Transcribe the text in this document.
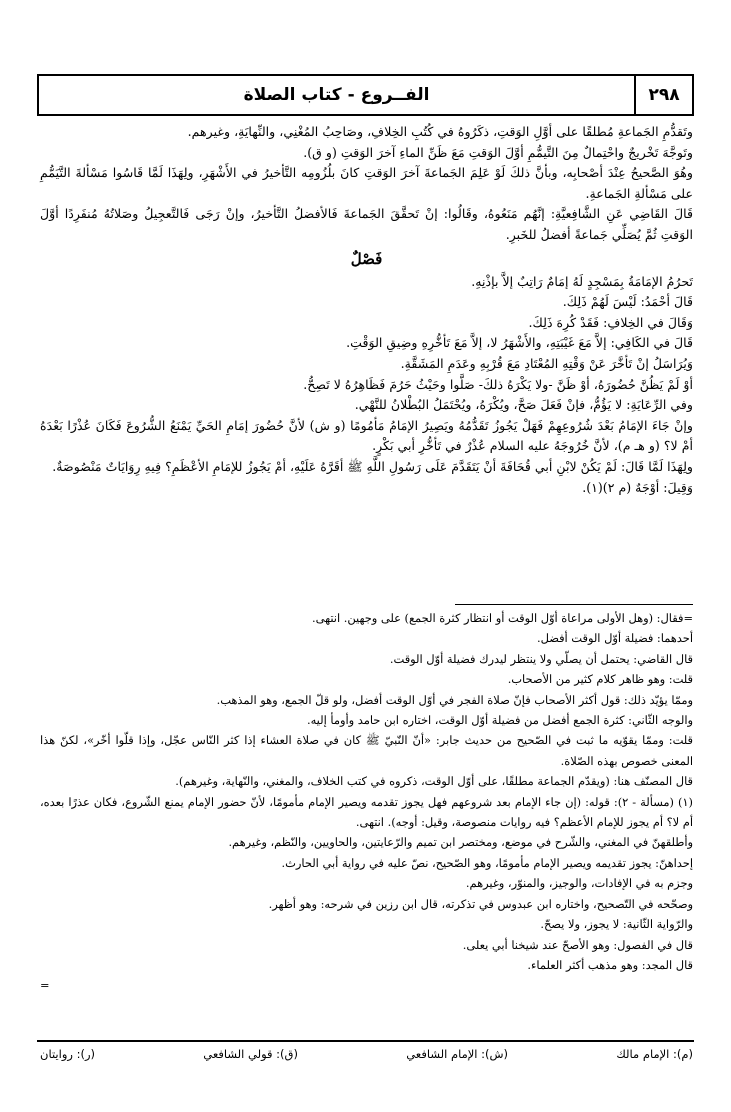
٢٩٨
الفــروع - كتاب الصلاة

وتَقدُّمِ الجَماعةِ مُطلقًا على أوَّلِ الوَقتِ، ذكَرُوهُ في كُتُبِ الخِلافِ، وصَاحِبُ المُغْنِي، والنِّهايَةِ، وغيرهم.

وتَوجَّهَ تَخْريجٌ واحْتِمالٌ مِنَ التَّيمُّمِ أوَّلَ الوَقتِ مَعَ ظَنِّ الماءِ آخرَ الوَقتِ (و ق).

وهُوَ الصَّحيحُ عِنْدَ أصْحابِه، وبأنَّ ذلكَ لَوْ عَلِمَ الجَماعةَ آخرَ الوَقتِ كانَ بلُزُومِه التَّأخيرُ في الأَشْهَرِ، ولِهَذَا لَمَّا قَاسُوا مَسْألةَ التَّيَمُّمِ على مَسْألةِ الجَماعةِ.

قَالَ القَاضِي عَنِ الشَّافِعيَّةِ: إنَّهُم مَنَعُوهُ، وقَالُوا: إنْ تَحقَّقَ الجَماعةَ فَالأفضلُ التَّأخيرُ، وإنْ رَجَى فَالتَّعجِيلُ وصَلاتُهُ مُنفَرِدًا أوَّلَ الوَقتِ ثُمَّ يُصَلِّي جَماعةً أفضلُ للخَبرِ.

فَصْلٌ

تَحرُمُ الإمَامَةُ بِمَسْجِدٍ لَهُ إمَامٌ رَاتِبٌ إلاَّ بإذْنِهِ.

قَالَ أحْمَدُ: لَيْسَ لَهُمْ ذَلِكَ.

وَقَالَ في الخِلافِ: فَقَدْ كُرِهَ ذَلِكَ.

قَالَ في الكَافِي: إلاَّ مَعَ غَيْبَتِهِ، والأَشْهَرُ لا، إلاَّ مَعَ تَأخُّرِهِ وضِيقِ الوَقْتِ.

وَيُرَاسَلُ إنْ تَأخَّرَ عَنْ وَقْتِهِ المُعْتَادِ مَعَ قُرْبِهِ وعَدَمِ المَشَقَّةِ.

أوْ لَمْ يَظُنَّ حُضُورَهُ، أوْ ظَنَّ -ولا يَكْرَهُ ذلكَ- صَلَّوا وحَيْثُ حَرُمَ فَظَاهِرُهُ لا تَصِحُّ.

وفي الرِّعَايَةِ: لا يَؤُمُّ، فإنْ فَعَلَ صَحَّ، ويُكْرَهُ، ويُحْتَمَلُ البُطْلانُ للنَّهْي.

وإنْ جَاءَ الإمَامُ بَعْدَ شُرُوعِهِمْ فَهَلْ يَجُوزُ تَقَدُّمُهُ ويَصِيرُ الإمَامُ مَأمُومًا (و ش) لأنَّ حُضُورَ إمَامِ الحَيِّ يَمْنَعُ الشُّرُوعَ فَكَانَ عُذْرًا بَعْدَهُ أمْ لا؟ (و هـ م)، لأنَّ خُرُوجَهُ عليه السلام عُذْرٌ في تَأخُّرِ أبي بَكْرٍ.

ولِهَذَا لَمَّا قَالَ: لَمْ يَكُنْ لابْنِ أبي قُحَافَةَ أنْ يَتَقَدَّمَ عَلَى رَسُولِ اللَّهِ ﷺ أقَرَّهُ عَلَيْهِ، أمْ يَجُوزُ للإمَامِ الأعْظَمِ؟ فِيهِ رِوَايَاتٌ مَنْصُوصَةٌ.

وَقِيلَ: أوْجَهٌ (م ٢)(١).

=فقال: (وهل الأولى مراعاة أوّل الوقت أو انتظار كثرة الجمع) على وجهين. انتهى.

أحدهما: فضيلة أوّل الوقت أفضل.

قال القاضي: يحتمل أن يصلّي ولا ينتظر ليدرك فضيلة أوّل الوقت.

قلت: وهو ظاهر كلام كثير من الأصحاب.

وممّا يؤيّد ذلك: قول أكثر الأصحاب فإنّ صلاة الفجر في أوّل الوقت أفضل، ولو قلّ الجمع، وهو المذهب.

والوجه الثّاني: كثرة الجمع أفضل من فضيلة أوّل الوقت، اختاره ابن حامد وأومأ إليه.

قلت: وممّا يقوّيه ما ثبت في الصّحيح من حديث جابر: «أنّ النّبيّ ﷺ كان في صلاة العشاء إذا كثر النّاس عجّل، وإذا قلّوا أخّر»، لكنّ هذا المعنى خصوص بهذه الصّلاة.

قال المصنّف هنا: (ويقدّم الجماعة مطلقًا، على أوّل الوقت، ذكروه في كتب الخلاف، والمغني، والنّهاية، وغيرهم).

(١) (مسألة - ٢): قوله: (إن جاء الإمام بعد شروعهم فهل يجوز تقدمه ويصير الإمام مأمومًا، لأنّ حضور الإمام يمنع الشّروع، فكان عذرًا بعده، أم لا؟ أم يجوز للإمام الأعظم؟ فيه روايات منصوصة، وقيل: أوجه). انتهى.

وأطلقهنّ في المغني، والشّرح في موضع، ومختصر ابن تميم والرّعايتين، والحاويين، والنّظم، وغيرهم.

إحداهنّ: يجوز تقديمه ويصير الإمام مأمومًا، وهو الصّحيح، نصّ عليه في رواية أبي الحارث.

وجزم به في الإفادات، والوجيز، والمنوّر، وغيرهم.

وصحّحه في التّصحيح، واختاره ابن عبدوس في تذكرته، قال ابن رزين في شرحه: وهو أظهر.

والرّواية الثّانية: لا يجوز، ولا يصحّ.

قال في الفصول: وهو الأصحّ عند شيخنا أبي يعلى.

قال المجد: وهو مذهب أكثر العلماء.

=

(م): الإمام مالك
(ش): الإمام الشافعي
(ق): قولي الشافعي
(ر): روايتان
